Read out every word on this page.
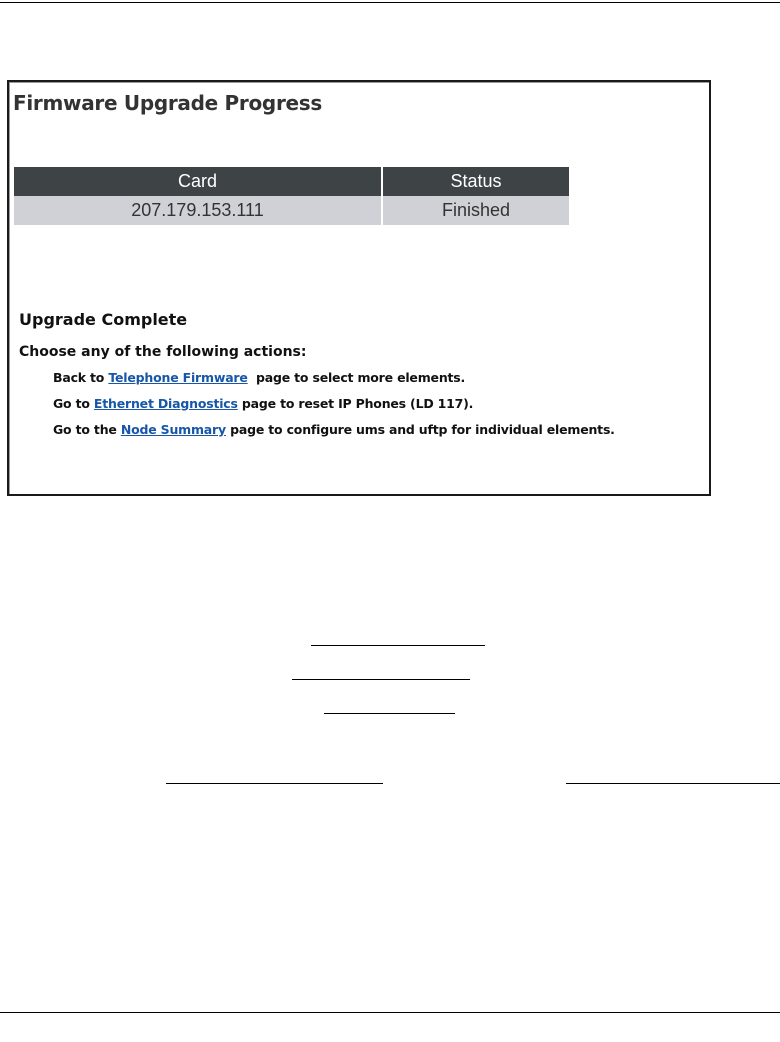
Firmware Upgrade Progress
Card	Status
207.179.153.111	Finished

Upgrade Complete

Choose any of the following actions:

Back to Telephone Firmware  page to select more elements.

Go to Ethernet Diagnostics page to reset IP Phones (LD 117).

Go to the Node Summary page to configure ums and uftp for individual elements.
